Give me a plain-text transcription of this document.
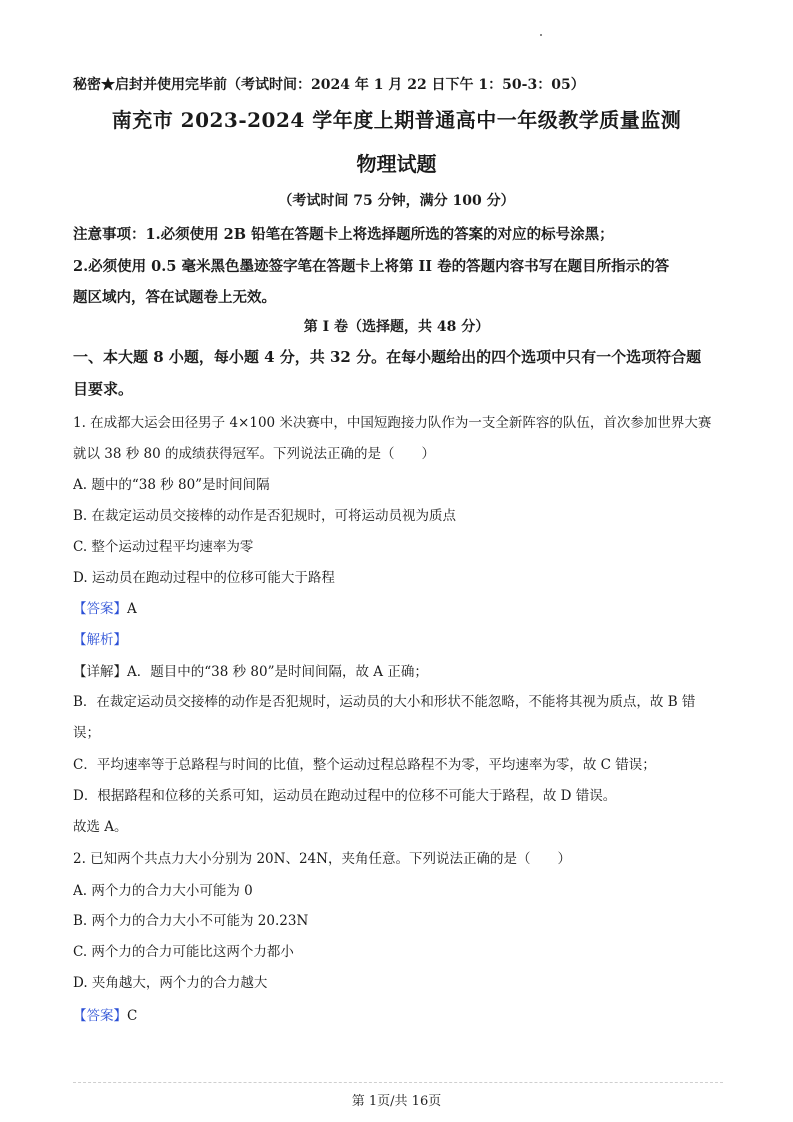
秘密★启封并使用完毕前（考试时间：2024 年 1 月 22 日下午 1：50-3：05）
南充市 2023-2024 学年度上期普通高中一年级教学质量监测
物理试题
（考试时间 75 分钟，满分 100 分）
注意事项：1.必须使用 2B 铅笔在答题卡上将选择题所选的答案的对应的标号涂黑；
2.必须使用 0.5 毫米黑色墨迹签字笔在答题卡上将第 II 卷的答题内容书写在题目所指示的答
题区域内，答在试题卷上无效。
第 I 卷（选择题，共 48 分）
一、本大题 8 小题，每小题 4 分，共 32 分。在每小题给出的四个选项中只有一个选项符合题
目要求。
1. 在成都大运会田径男子 4×100 米决赛中，中国短跑接力队作为一支全新阵容的队伍，首次参加世界大赛
就以 38 秒 80 的成绩获得冠军。下列说法正确的是（　　）
A. 题中的“38 秒 80”是时间间隔
B. 在裁定运动员交接棒的动作是否犯规时，可将运动员视为质点
C. 整个运动过程平均速率为零
D. 运动员在跑动过程中的位移可能大于路程
【答案】A
【解析】
【详解】A．题目中的“38 秒 80”是时间间隔，故 A 正确；
B．在裁定运动员交接棒的动作是否犯规时，运动员的大小和形状不能忽略，不能将其视为质点，故 B 错
误；
C．平均速率等于总路程与时间的比值，整个运动过程总路程不为零，平均速率为零，故 C 错误；
D．根据路程和位移的关系可知，运动员在跑动过程中的位移不可能大于路程，故 D 错误。
故选 A。
2. 已知两个共点力大小分别为 20N、24N，夹角任意。下列说法正确的是（　　）
A. 两个力的合力大小可能为 0
B. 两个力的合力大小不可能为 20.23N
C. 两个力的合力可能比这两个力都小
D. 夹角越大，两个力的合力越大
【答案】C
第 1页/共 16页
